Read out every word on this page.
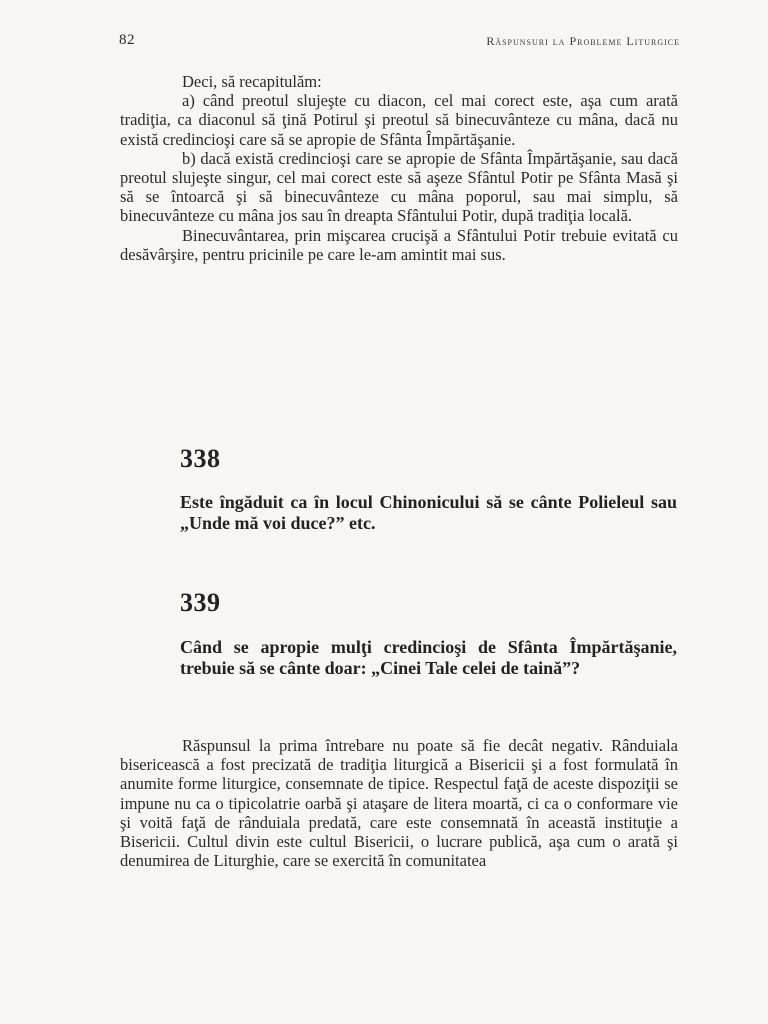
82	Răspunsuri la Probleme Liturgice

Deci, să recapitulăm:

a) când preotul slujeşte cu diacon, cel mai corect este, aşa cum arată tradiţia, ca diaconul să ţină Potirul şi preotul să binecuvânteze cu mâna, dacă nu există credincioşi care să se apropie de Sfânta Împărtăşanie.

b) dacă există credincioşi care se apropie de Sfânta Împărtăşanie, sau dacă preotul slujeşte singur, cel mai corect este să aşeze Sfântul Potir pe Sfânta Masă şi să se întoarcă şi să binecuvânteze cu mâna poporul, sau mai simplu, să binecuvânteze cu mâna jos sau în dreapta Sfântului Potir, după tradiţia locală.

Binecuvântarea, prin mişcarea crucişă a Sfântului Potir trebuie evitată cu desăvârşire, pentru pricinile pe care le-am amintit mai sus.

338
Este îngăduit ca în locul Chinonicului să se cânte Polieleul sau „Unde mă voi duce?” etc.
339
Când se apropie mulţi credincioşi de Sfânta Împărtăşanie, trebuie să se cânte doar: „Cinei Tale celei de taină”?

Răspunsul la prima întrebare nu poate să fie decât negativ. Rânduiala bisericească a fost precizată de tradiţia liturgică a Bisericii şi a fost formulată în anumite forme liturgice, consemnate de tipice. Respectul faţă de aceste dispoziţii se impune nu ca o tipicolatrie oarbă şi ataşare de litera moartă, ci ca o conformare vie şi voită faţă de rânduiala predată, care este consemnată în această instituţie a Bisericii. Cultul divin este cultul Bisericii, o lucrare publică, aşa cum o arată şi denumirea de Liturghie, care se exercită în comunitatea
